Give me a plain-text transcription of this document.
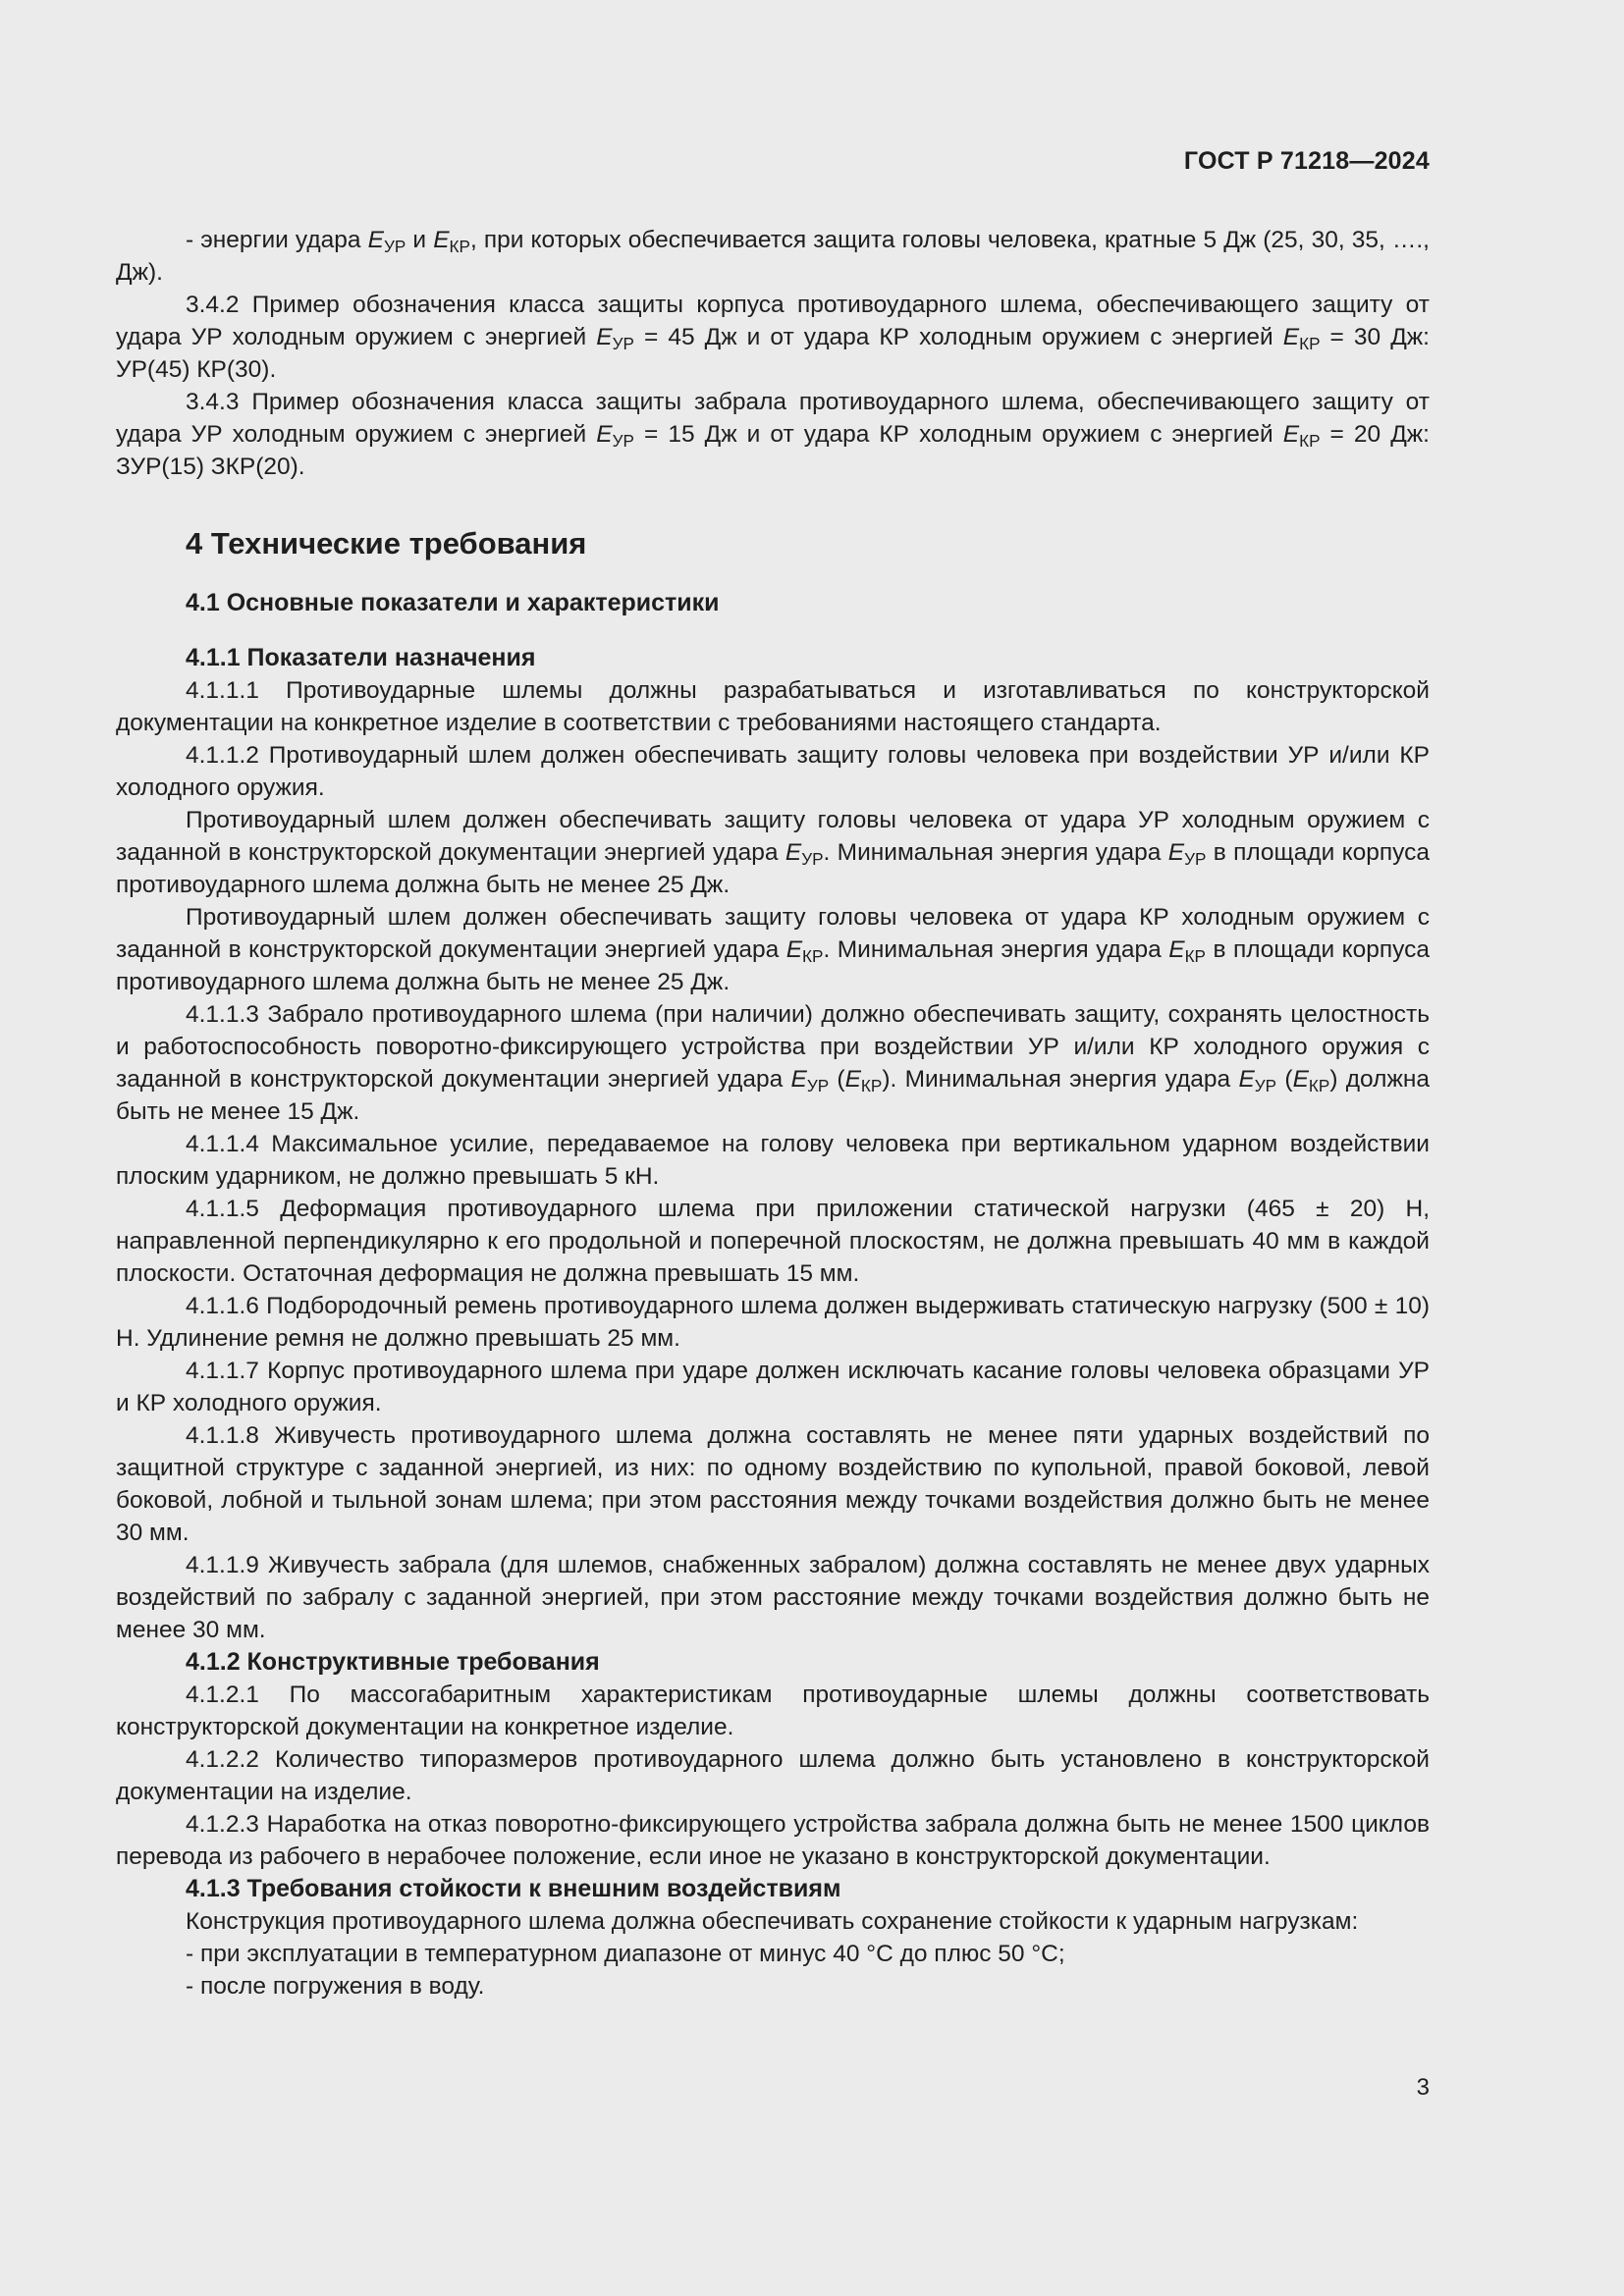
ГОСТ Р 71218—2024

- энергии удара $E_{УР}$ и $E_{КР}$, при которых обеспечивается защита головы человека, кратные 5 Дж (25, 30, 35, …., Дж).

3.4.2 Пример обозначения класса защиты корпуса противоударного шлема, обеспечивающего защиту от удара УР холодным оружием с энергией $E_{УР} = 45$ Дж и от удара КР холодным оружием с энергией $E_{КР} = 30$ Дж: УР(45) КР(30).

3.4.3 Пример обозначения класса защиты забрала противоударного шлема, обеспечивающего защиту от удара УР холодным оружием с энергией $E_{УР} = 15$ Дж и от удара КР холодным оружием с энергией $E_{КР} = 20$ Дж: ЗУР(15) ЗКР(20).

4 Технические требования
4.1 Основные показатели и характеристики
4.1.1 Показатели назначения

4.1.1.1 Противоударные шлемы должны разрабатываться и изготавливаться по конструкторской документации на конкретное изделие в соответствии с требованиями настоящего стандарта.

4.1.1.2 Противоударный шлем должен обеспечивать защиту головы человека при воздействии УР и/или КР холодного оружия.

Противоударный шлем должен обеспечивать защиту головы человека от удара УР холодным оружием с заданной в конструкторской документации энергией удара $E_{УР}$. Минимальная энергия удара $E_{УР}$ в площади корпуса противоударного шлема должна быть не менее 25 Дж.

Противоударный шлем должен обеспечивать защиту головы человека от удара КР холодным оружием с заданной в конструкторской документации энергией удара $E_{КР}$. Минимальная энергия удара $E_{КР}$ в площади корпуса противоударного шлема должна быть не менее 25 Дж.

4.1.1.3 Забрало противоударного шлема (при наличии) должно обеспечивать защиту, сохранять целостность и работоспособность поворотно-фиксирующего устройства при воздействии УР и/или КР холодного оружия с заданной в конструкторской документации энергией удара $E_{УР}$ $(E_{КР})$. Минимальная энергия удара $E_{УР}$ $(E_{КР})$ должна быть не менее 15 Дж.

4.1.1.4 Максимальное усилие, передаваемое на голову человека при вертикальном ударном воздействии плоским ударником, не должно превышать 5 кН.

4.1.1.5 Деформация противоударного шлема при приложении статической нагрузки (465 ± 20) Н, направленной перпендикулярно к его продольной и поперечной плоскостям, не должна превышать 40 мм в каждой плоскости. Остаточная деформация не должна превышать 15 мм.

4.1.1.6 Подбородочный ремень противоударного шлема должен выдерживать статическую нагрузку (500 ± 10) Н. Удлинение ремня не должно превышать 25 мм.

4.1.1.7 Корпус противоударного шлема при ударе должен исключать касание головы человека образцами УР и КР холодного оружия.

4.1.1.8 Живучесть противоударного шлема должна составлять не менее пяти ударных воздействий по защитной структуре с заданной энергией, из них: по одному воздействию по купольной, правой боковой, левой боковой, лобной и тыльной зонам шлема; при этом расстояния между точками воздействия должно быть не менее 30 мм.

4.1.1.9 Живучесть забрала (для шлемов, снабженных забралом) должна составлять не менее двух ударных воздействий по забралу с заданной энергией, при этом расстояние между точками воздействия должно быть не менее 30 мм.

4.1.2 Конструктивные требования

4.1.2.1 По массогабаритным характеристикам противоударные шлемы должны соответствовать конструкторской документации на конкретное изделие.

4.1.2.2 Количество типоразмеров противоударного шлема должно быть установлено в конструкторской документации на изделие.

4.1.2.3 Наработка на отказ поворотно-фиксирующего устройства забрала должна быть не менее 1500 циклов перевода из рабочего в нерабочее положение, если иное не указано в конструкторской документации.

4.1.3 Требования стойкости к внешним воздействиям

Конструкция противоударного шлема должна обеспечивать сохранение стойкости к ударным нагрузкам:

- при эксплуатации в температурном диапазоне от минус 40 °С до плюс 50 °С;

- после погружения в воду.

3
